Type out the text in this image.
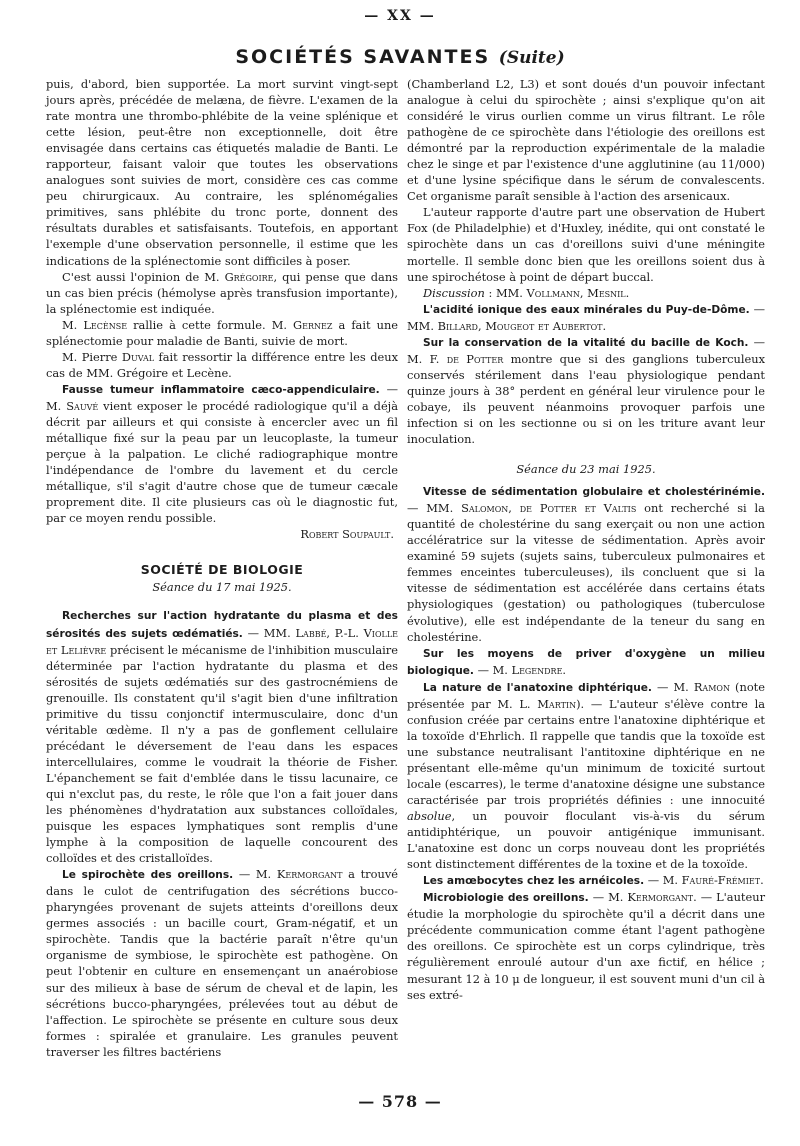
— XX —
SOCIÉTÉS SAVANTES (Suite)

puis, d'abord, bien supportée. La mort survint vingt-sept jours après, précédée de melæna, de fièvre. L'examen de la rate montra une thrombo-phlébite de la veine splénique et cette lésion, peut-être non exceptionnelle, doit être envisagée dans certains cas étiquetés maladie de Banti. Le rapporteur, faisant valoir que toutes les observations analogues sont suivies de mort, considère ces cas comme peu chirurgicaux. Au contraire, les splénomégalies primitives, sans phlébite du tronc porte, donnent des résultats durables et satisfaisants. Toutefois, en apportant l'exemple d'une observation personnelle, il estime que les indications de la splénectomie sont difficiles à poser.

C'est aussi l'opinion de M. Grégoire, qui pense que dans un cas bien précis (hémolyse après transfusion importante), la splénectomie est indiquée.

M. Lecènse rallie à cette formule. M. Gernez a fait une splénectomie pour maladie de Banti, suivie de mort.

M. Pierre Duval fait ressortir la différence entre les deux cas de MM. Grégoire et Lecène.

Fausse tumeur inflammatoire cæco-appendiculaire. — M. Sauvé vient exposer le procédé radiologique qu'il a déjà décrit par ailleurs et qui consiste à encercler avec un fil métallique fixé sur la peau par un leucoplaste, la tumeur perçue à la palpation. Le cliché radiographique montre l'indépendance de l'ombre du lavement et du cercle métallique, s'il s'agit d'autre chose que de tumeur cæcale proprement dite. Il cite plusieurs cas où le diagnostic fut, par ce moyen rendu possible.

Robert Soupault.

SOCIÉTÉ DE BIOLOGIE
Séance du 17 mai 1925.

Recherches sur l'action hydratante du plasma et des sérosités des sujets œdématiés. — MM. Labbé, P.-L. Violle et Lelièvre précisent le mécanisme de l'inhibition musculaire déterminée par l'action hydratante du plasma et des sérosités de sujets œdématiés sur des gastrocnémiens de grenouille. Ils constatent qu'il s'agit bien d'une infiltration primitive du tissu conjonctif intermusculaire, donc d'un véritable œdème. Il n'y a pas de gonflement cellulaire précédant le déversement de l'eau dans les espaces intercellulaires, comme le voudrait la théorie de Fisher. L'épanchement se fait d'emblée dans le tissu lacunaire, ce qui n'exclut pas, du reste, le rôle que l'on a fait jouer dans les phénomènes d'hydratation aux substances colloïdales, puisque les espaces lymphatiques sont remplis d'une lymphe à la composition de laquelle concourent des colloïdes et des cristalloïdes.

Le spirochète des oreillons. — M. Kermorgant a trouvé dans le culot de centrifugation des sécrétions bucco-pharyngées provenant de sujets atteints d'oreillons deux germes associés : un bacille court, Gram-négatif, et un spirochète. Tandis que la bactérie paraît n'être qu'un organisme de symbiose, le spirochète est pathogène. On peut l'obtenir en culture en ensemençant un anaérobiose sur des milieux à base de sérum de cheval et de lapin, les sécrétions bucco-pharyngées, prélevées tout au début de l'affection. Le spirochète se présente en culture sous deux formes : spiralée et granulaire. Les granules peuvent traverser les filtres bactériens

(Chamberland L2, L3) et sont doués d'un pouvoir infectant analogue à celui du spirochète ; ainsi s'explique qu'on ait considéré le virus ourlien comme un virus filtrant. Le rôle pathogène de ce spirochète dans l'étiologie des oreillons est démontré par la reproduction expérimentale de la maladie chez le singe et par l'existence d'une agglutinine (au 11/000) et d'une lysine spécifique dans le sérum de convalescents. Cet organisme paraît sensible à l'action des arsenicaux.

L'auteur rapporte d'autre part une observation de Hubert Fox (de Philadelphie) et d'Huxley, inédite, qui ont constaté le spirochète dans un cas d'oreillons suivi d'une méningite mortelle. Il semble donc bien que les oreillons soient dus à une spirochétose à point de départ buccal.

Discussion : MM. Vollmann, Mesnil.

L'acidité ionique des eaux minérales du Puy-de-Dôme. — MM. Billard, Mougeot et Aubertot.

Sur la conservation de la vitalité du bacille de Koch. — M. F. de Potter montre que si des ganglions tuberculeux conservés stérilement dans l'eau physiologique pendant quinze jours à 38° perdent en général leur virulence pour le cobaye, ils peuvent néanmoins provoquer parfois une infection si on les sectionne ou si on les triture avant leur inoculation.

Séance du 23 mai 1925.

Vitesse de sédimentation globulaire et cholestérinémie. — MM. Salomon, de Potter et Valtis ont recherché si la quantité de cholestérine du sang exerçait ou non une action accélératrice sur la vitesse de sédimentation. Après avoir examiné 59 sujets (sujets sains, tuberculeux pulmonaires et femmes enceintes tuberculeuses), ils concluent que si la vitesse de sédimentation est accélérée dans certains états physiologiques (gestation) ou pathologiques (tuberculose évolutive), elle est indépendante de la teneur du sang en cholestérine.

Sur les moyens de priver d'oxygène un milieu biologique. — M. Legendre.

La nature de l'anatoxine diphtérique. — M. Ramon (note présentée par M. L. Martin). — L'auteur s'élève contre la confusion créée par certains entre l'anatoxine diphtérique et la toxoïde d'Ehrlich. Il rappelle que tandis que la toxoïde est une substance neutralisant l'antitoxine diphtérique en ne présentant elle-même qu'un minimum de toxicité surtout locale (escarres), le terme d'anatoxine désigne une substance caractérisée par trois propriétés définies : une innocuité absolue, un pouvoir floculant vis-à-vis du sérum antidiphtérique, un pouvoir antigénique immunisant. L'anatoxine est donc un corps nouveau dont les propriétés sont distinctement différentes de la toxine et de la toxoïde.

Les amœbocytes chez les arnéicoles. — M. Fauré-Frémiet.

Microbiologie des oreillons. — M. Kermorgant. — L'auteur étudie la morphologie du spirochète qu'il a décrit dans une précédente communication comme étant l'agent pathogène des oreillons. Ce spirochète est un corps cylindrique, très régulièrement enroulé autour d'un axe fictif, en hélice ; mesurant 12 à 10 μ de longueur, il est souvent muni d'un cil à ses extré-

— 578 —
